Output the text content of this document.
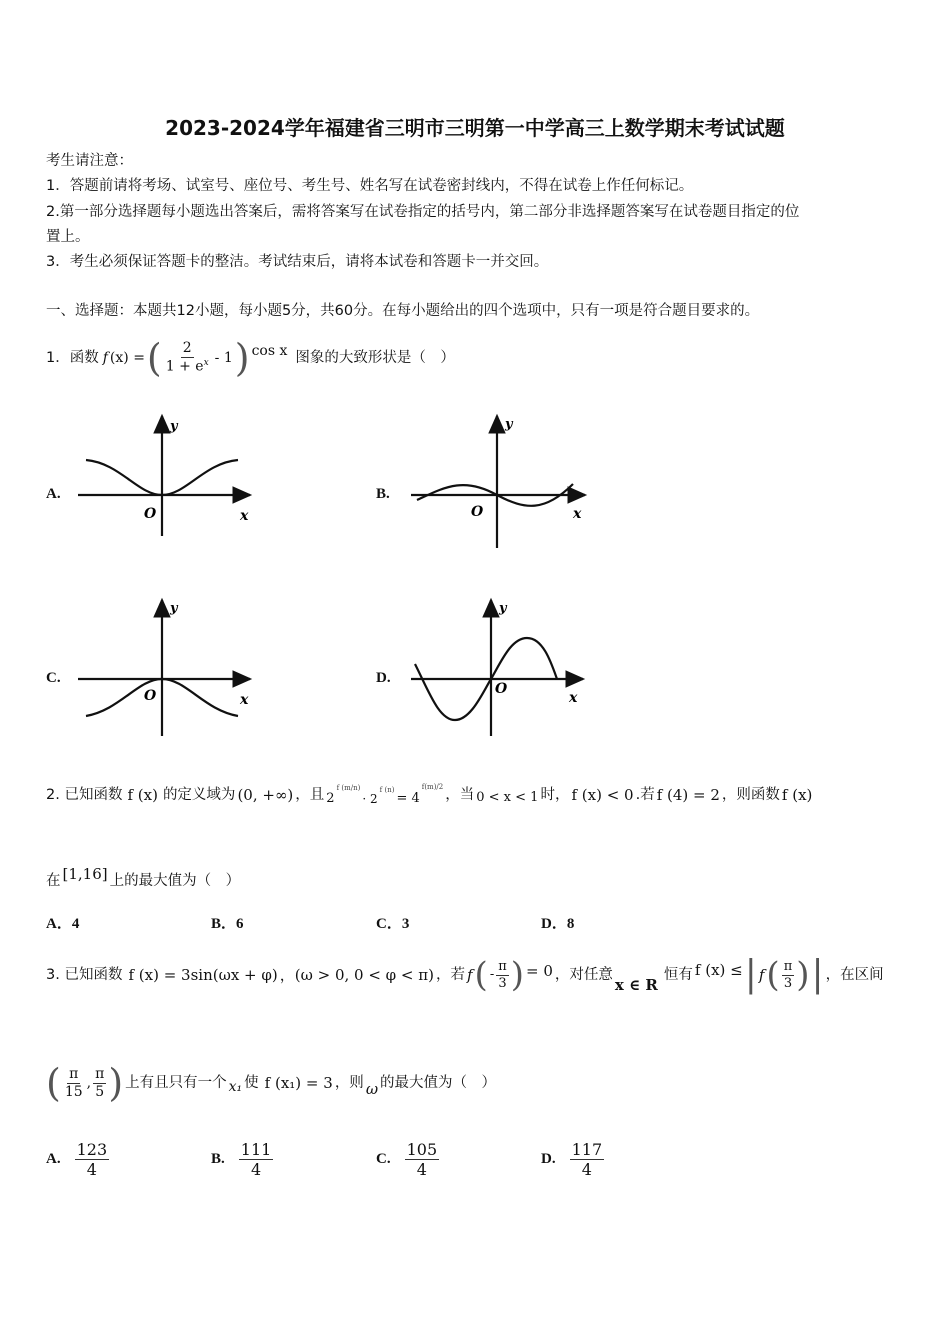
2023-2024学年福建省三明市三明第一中学高三上数学期末考试试题
考生请注意：
1．答题前请将考场、试室号、座位号、考生号、姓名写在试卷密封线内，不得在试卷上作任何标记。
2.第一部分选择题每小题选出答案后，需将答案写在试卷指定的括号内，第二部分非选择题答案写在试卷题目指定的位
置上。
3．考生必须保证答题卡的整洁。考试结束后，请将本试卷和答题卡一并交回。
一、选择题：本题共12小题，每小题5分，共60分。在每小题给出的四个选项中，只有一项是符合题目要求的。
1．函数 f (x) = ( $\frac{2}{1 + e^x} - 1$ ) cos x 图象的大致形状是（　）
A.	B.
C.	D.
y
O	x
y
O	x
y
O	x
y
O
x
2. 已知函数 f (x) 的定义域为 (0, +∞) ，且 2
f (m/n)
· 2
f (n)
= 4
f(m)/2 ，当 0 < x < 1 时， f (x) < 0 .若 f (4) = 2 ，则函数 f (x)
在 [1,16] 上的最大值为（　）
A．4	B．6	C．3	D．8
3. 已知函数 f (x) = 3sin(ωx + φ) ，(ω > 0, 0 < φ < π) ，若 f ( - $\frac{\pi}{3}$ ) = 0 ，对任意
x ∈ R
恒有 f (x) ≤ | f ( $\frac{\pi}{3}$ ) | ，在区间
( $\frac{\pi}{15}$ , $\frac{\pi}{5}$ ) 上有且只有一个 x₁ 使 f (x₁) = 3 ，则 ω 的最大值为（　）
A. $\frac{123}{4}$	B. $\frac{111}{4}$	C. $\frac{105}{4}$	D. $\frac{117}{4}$
